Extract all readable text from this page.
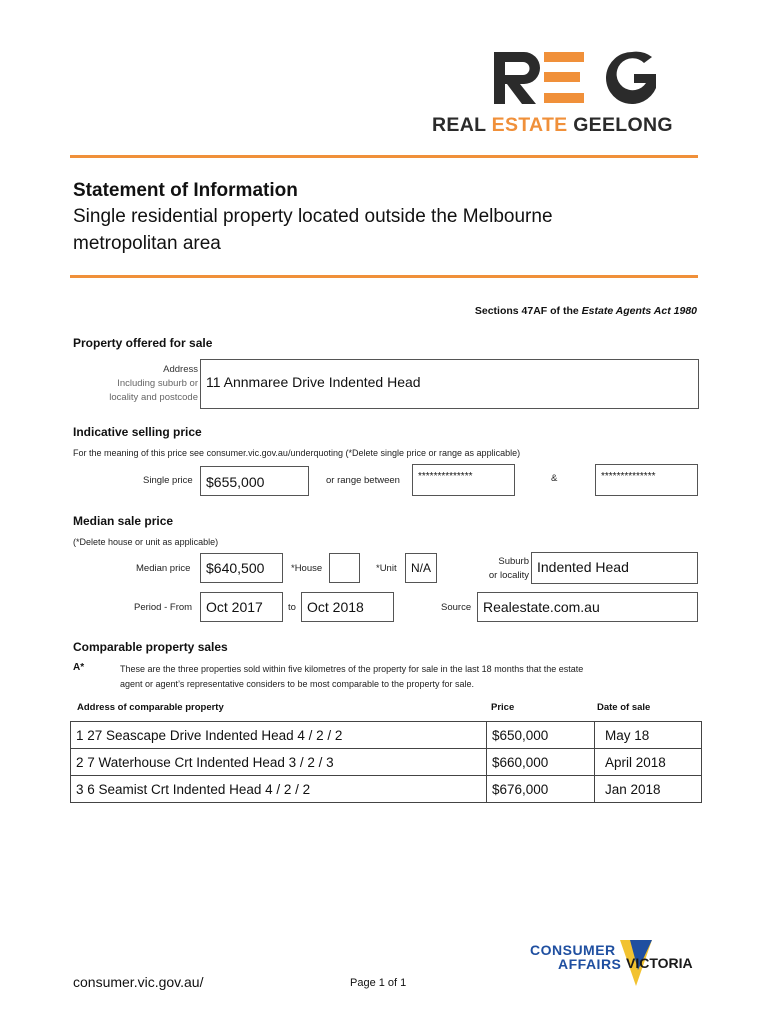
REAL ESTATE GEELONG
Statement of Information
Single residential property located outside the Melbourne
metropolitan area
Sections 47AF of the Estate Agents Act 1980
Property offered for sale
Address
Including suburb or
locality and postcode
11 Annmaree Drive Indented Head
Indicative selling price
For the meaning of this price see consumer.vic.gov.au/underquoting (*Delete single price or range as applicable)
Single price $655,000	or range between	**************	&	**************
Median sale price
(*Delete house or unit as applicable)
Median price	$640,500	*House	*Unit	N/A	Suburb
or locality
Indented Head
Period - From Oct 2017	to Oct 2018	Source Realestate.com.au
Comparable property sales
A*	These are the three properties sold within five kilometres of the property for sale in the last 18 months that the estate
agent or agent’s representative considers to be most comparable to the property for sale.
Address of comparable property	Price	Date of sale
1 27 Seascape Drive Indented Head 4 / 2 / 2	$650,000	May 18
2 7 Waterhouse Crt Indented Head 3 / 2 / 3	$660,000	April 2018
3 6 Seamist Crt Indented Head 4 / 2 / 2	$676,000	Jan 2018
consumer.vic.gov.au/	Page 1 of 1
CONSUMER
AFFAIRS VICTORIA
